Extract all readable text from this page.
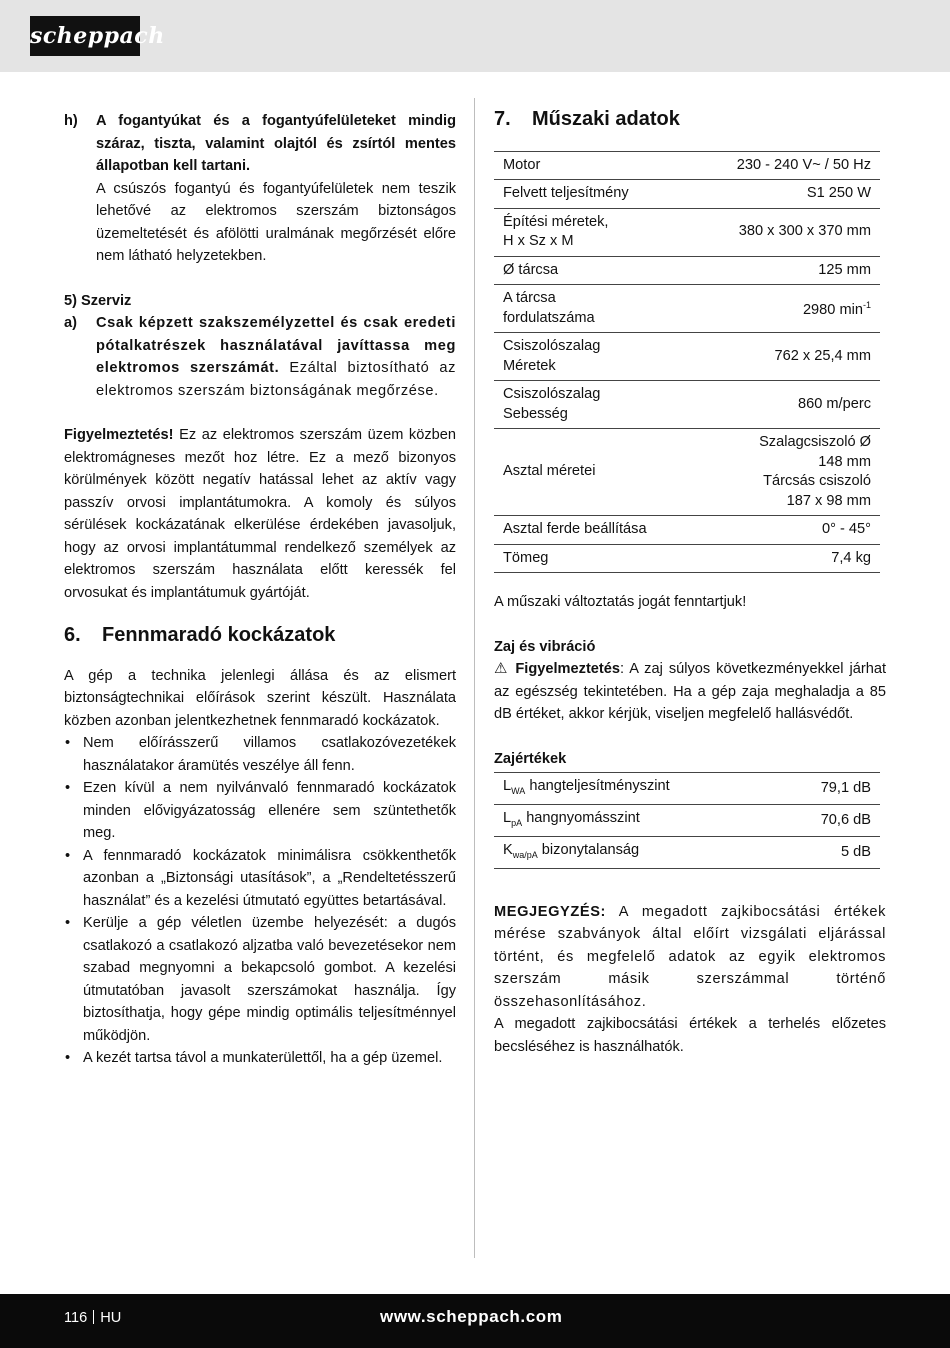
scheppach
h)	A fogantyúkat és a fogantyúfelületeket mindig száraz, tiszta, valamint olajtól és zsírtól mentes állapotban kell tartani.
A csúszós fogantyú és fogantyúfelületek nem teszik lehetővé az elektromos szerszám biztonságos üzemeltetését és afölötti uralmának megőrzését előre nem látható helyzetekben.

5) Szerviz

a)	Csak képzett szakszemélyzettel és csak eredeti pótalkatrészek használatával javíttassa meg elektromos szerszámát. Ezáltal biztosítható az elektromos szerszám biztonságának megőrzése.

Figyelmeztetés! Ez az elektromos szerszám üzem közben elektromágneses mezőt hoz létre. Ez a mező bizonyos körülmények között negatív hatással lehet az aktív vagy passzív orvosi implantátumokra. A komoly és súlyos sérülések kockázatának elkerülése érdekében javasoljuk, hogy az orvosi implantátummal rendelkező személyek az elektromos szerszám használata előtt keressék fel orvosukat és implantátumuk gyártóját.

6.	Fennmaradó kockázatok

A gép a technika jelenlegi állása és az elismert biztonságtechnikai előírások szerint készült. Használata közben azonban jelentkezhetnek fennmaradó kockázatok.

• Nem előírásszerű villamos csatlakozóvezetékek használatakor áramütés veszélye áll fenn.
• Ezen kívül a nem nyilvánvaló fennmaradó kockázatok minden elővigyázatosság ellenére sem szüntethetők meg.
• A fennmaradó kockázatok minimálisra csökkenthetők azonban a „Biztonsági utasítások”, a „Rendeltetésszerű használat” és a kezelési útmutató együttes betartásával.
• Kerülje a gép véletlen üzembe helyezését: a dugós csatlakozó a csatlakozó aljzatba való bevezetésekor nem szabad megnyomni a bekapcsoló gombot. A kezelési útmutatóban javasolt szerszámokat használja. Így biztosíthatja, hogy gépe mindig optimális teljesítménnyel működjön.
• A kezét tartsa távol a munkaterülettől, ha a gép üzemel.
7.	Műszaki adatok
Motor	230 - 240 V~ / 50 Hz
Felvett teljesítmény	S1 250 W
Építési méretek,
H x Sz x M	380 x 300 x 370 mm
Ø tárcsa	125 mm
A tárcsa
fordulatszáma	2980 $\min^{-1}$
Csiszolószalag
Méretek	762 x 25,4 mm
Csiszolószalag
Sebesség	860 m/perc
Asztal méretei	Szalagcsiszoló Ø
148 mm
Tárcsás csiszoló
187 x 98 mm
Asztal ferde beállítása	0° - 45°
Tömeg	7,4 kg

A műszaki változtatás jogát fenntartjuk!

Zaj és vibráció

⚠ Figyelmeztetés: A zaj súlyos következményekkel járhat az egészség tekintetében. Ha a gép zaja meghaladja a 85 dB értéket, akkor kérjük, viseljen megfelelő hallásvédőt.

Zajértékek

$L_{WA}$ hangteljesítményszint	79,1 dB
$L_{pA}$ hangnyomásszint	70,6 dB
$K_{wa/pA}$ bizonytalanság	5 dB

MEGJEGYZÉS: A megadott zajkibocsátási értékek mérése szabványok által előírt vizsgálati eljárással történt, és megfelelő adatok az egyik elektromos szerszám másik szerszámmal történő összehasonlításához.

A megadott zajkibocsátási értékek a terhelés előzetes becsléséhez is használhatók.

116 HU	www.scheppach.com
